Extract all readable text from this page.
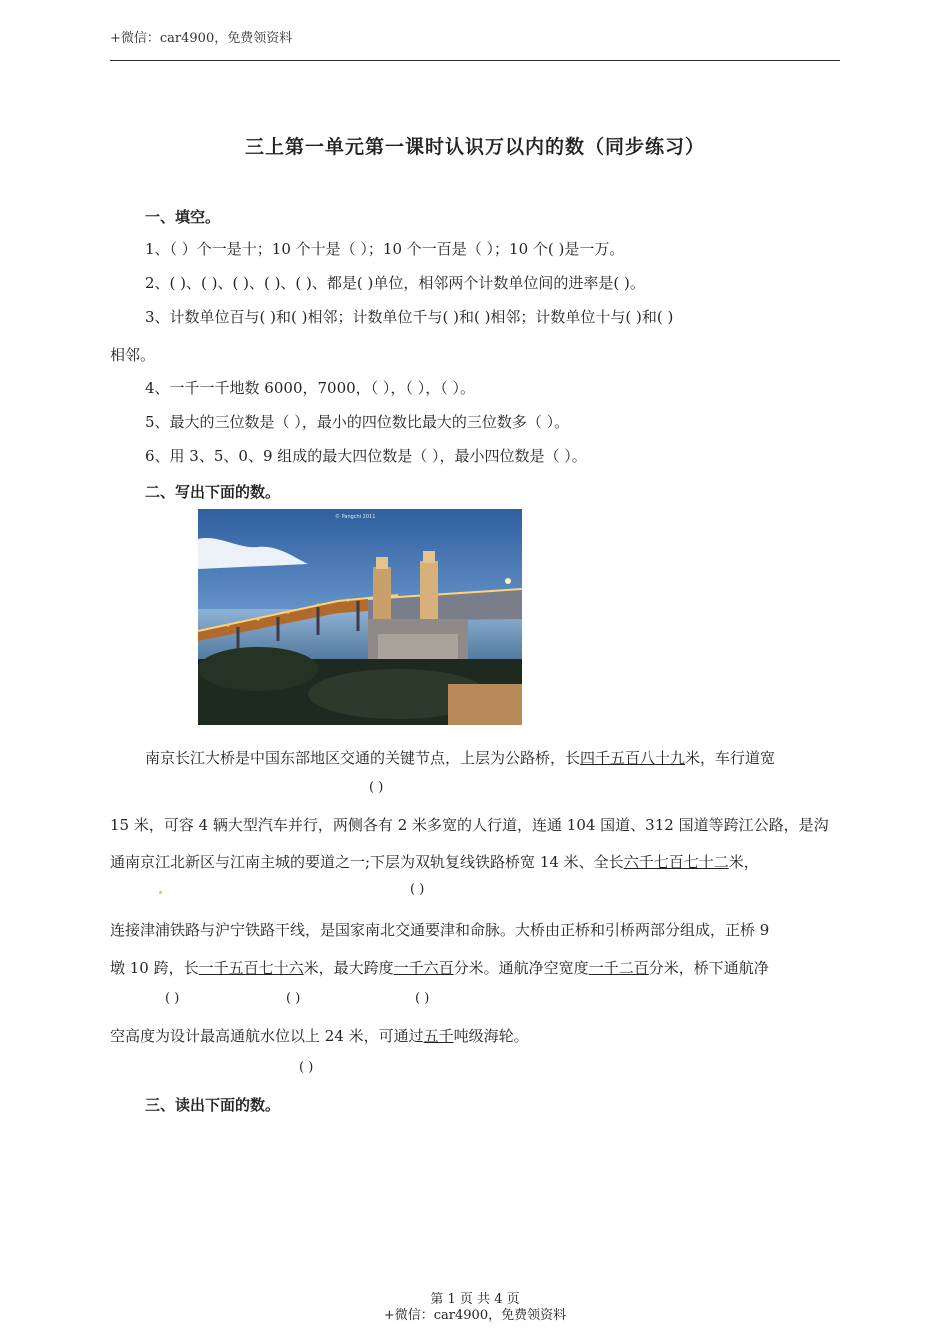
+微信：car4900，免费领资料
三上第一单元第一课时认识万以内的数（同步练习）
一、填空。
1、（ ）个一是十；10 个十是（ ）；10 个一百是（ ）；10 个( )是一万。
2、( )、( )、( )、( )、( )、都是( )单位，相邻两个计数单位间的进率是( )。
3、计数单位百与( )和( )相邻；计数单位千与( )和( )相邻；计数单位十与( )和( )
相邻。
4、一千一千地数 6000，7000，（ ），（ ），（ ）。
5、最大的三位数是（ ），最小的四位数比最大的三位数多（ ）。
6、用 3、5、0、9 组成的最大四位数是（ ），最小四位数是（ ）。
二、写出下面的数。
© Pangchi 2011
南京长江大桥是中国东部地区交通的关键节点，上层为公路桥，长四千五百八十九米，车行道宽
( )
15 米，可容 4 辆大型汽车并行，两侧各有 2 米多宽的人行道，连通 104 国道、312 国道等跨江公路，是沟
通南京江北新区与江南主城的要道之一;下层为双轨复线铁路桥宽 14 米、全长六千七百七十二米，
( )
连接津浦铁路与沪宁铁路干线，是国家南北交通要津和命脉。大桥由正桥和引桥两部分组成，正桥 9
墩 10 跨，长一千五百七十六米，最大跨度一千六百分米。通航净空宽度一千二百分米，桥下通航净
( )	( )	( )
空高度为设计最高通航水位以上 24 米，可通过五千吨级海轮。
( )
三、读出下面的数。
第 1 页 共 4 页
+微信：car4900，免费领资料
